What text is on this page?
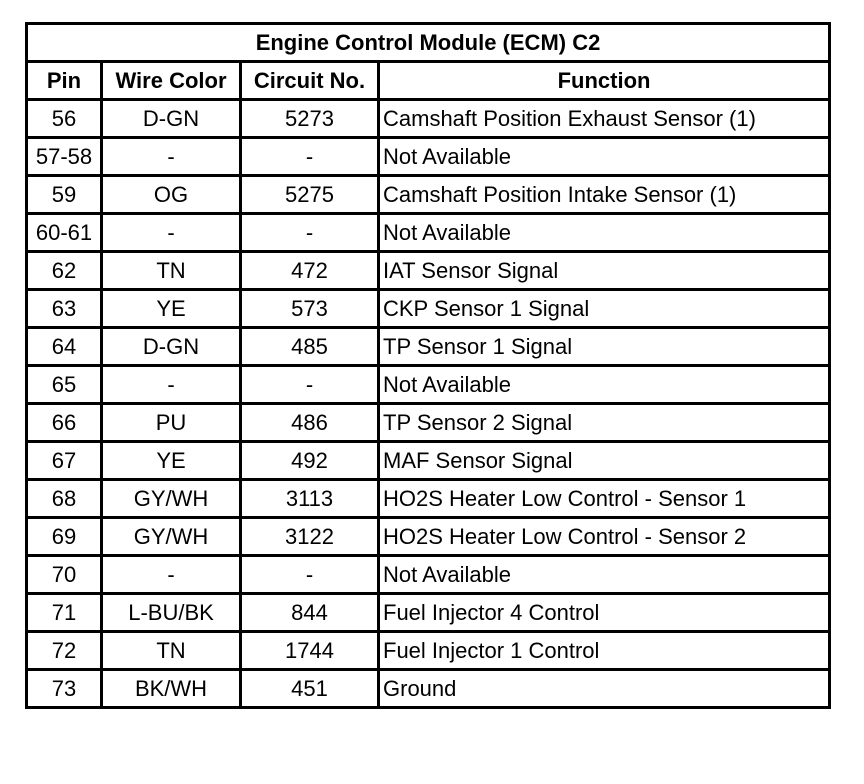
Engine Control Module (ECM) C2			
Pin	Wire Color	Circuit No.	Function
56	D-GN	5273	Camshaft Position Exhaust Sensor (1)
57-58	-	-	Not Available
59	OG	5275	Camshaft Position Intake Sensor (1)
60-61	-	-	Not Available
62	TN	472	IAT Sensor Signal
63	YE	573	CKP Sensor 1 Signal
64	D-GN	485	TP Sensor 1 Signal
65	-	-	Not Available
66	PU	486	TP Sensor 2 Signal
67	YE	492	MAF Sensor Signal
68	GY/WH	3113	HO2S Heater Low Control - Sensor 1
69	GY/WH	3122	HO2S Heater Low Control - Sensor 2
70	-	-	Not Available
71	L-BU/BK	844	Fuel Injector 4 Control
72	TN	1744	Fuel Injector 1 Control
73	BK/WH	451	Ground
